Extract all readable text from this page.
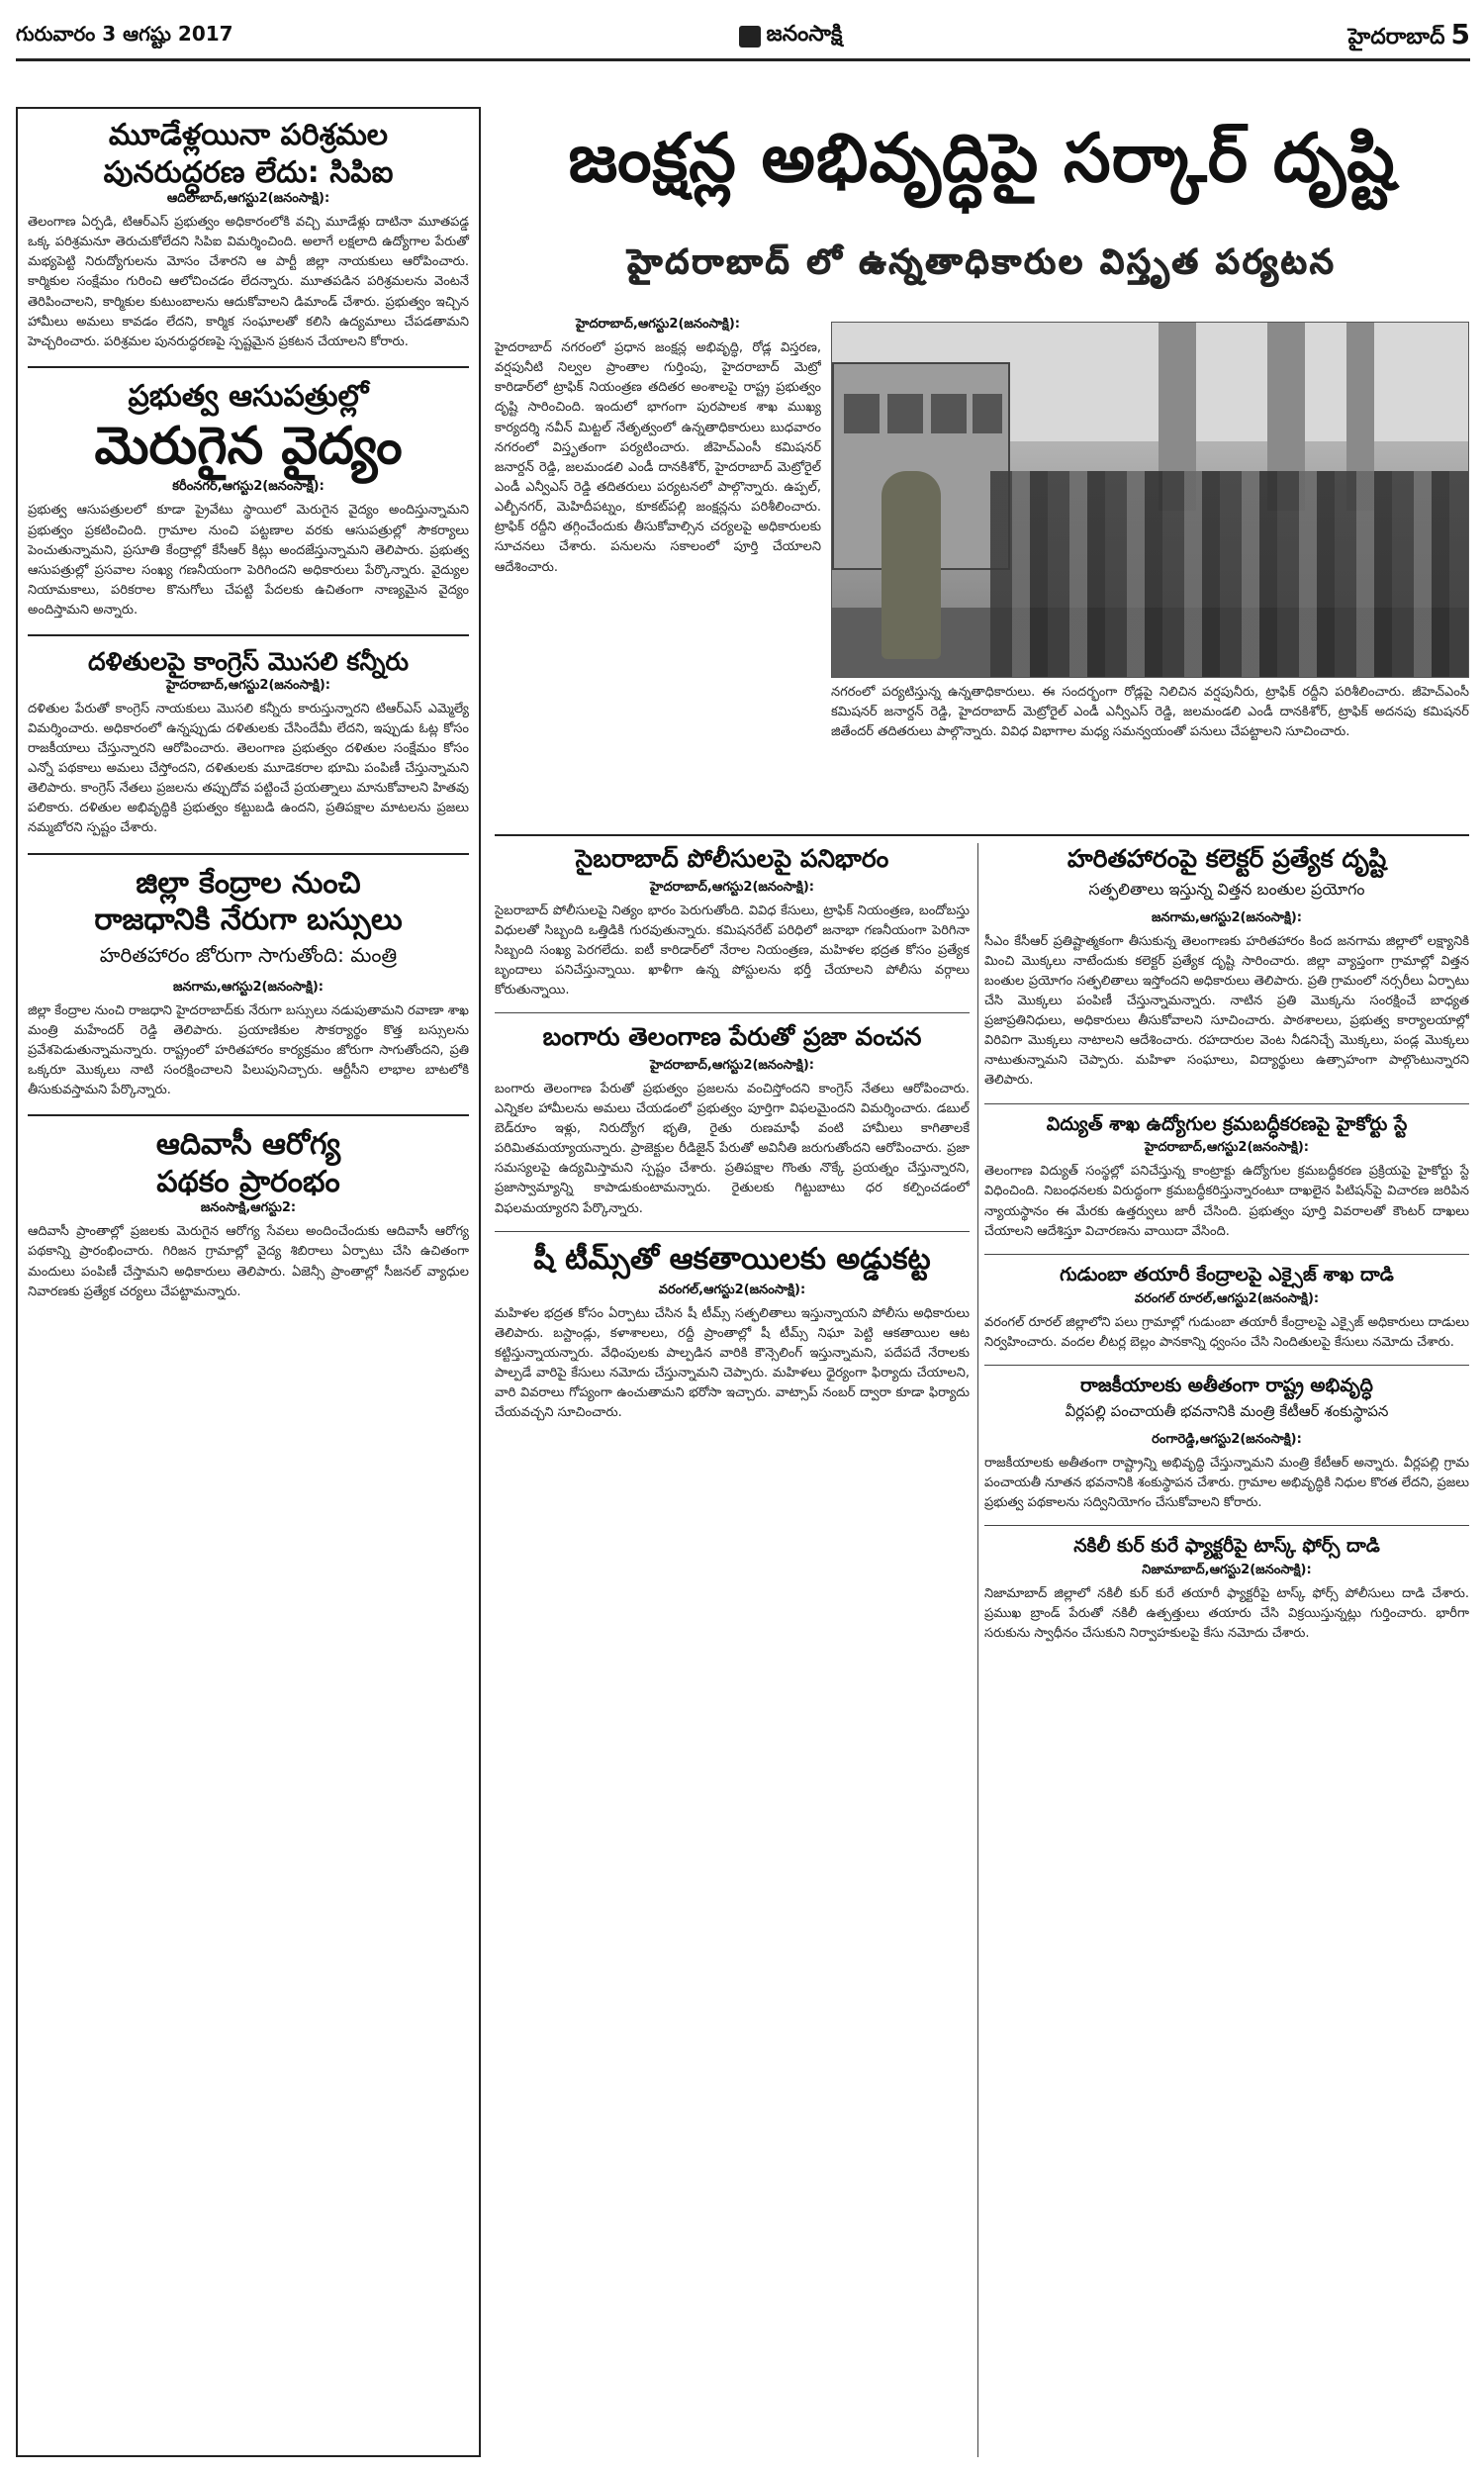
గురువారం 3 ఆగష్టు 2017	జనంసాక్షి	హైదరాబాద్ 5
మూడేళ్లయినా పరిశ్రమల
పునరుద్ధరణ లేదు: సిపిఐ
ఆదిలాబాద్,ఆగస్టు2(జనంసాక్షి):
తెలంగాణ ఏర్పడి, టిఆర్ఎస్ ప్రభుత్వం అధికారంలోకి వచ్చి మూడేళ్లు దాటినా మూతపడ్డ ఒక్క పరిశ్రమనూ తెరుచుకోలేదని సిపిఐ విమర్శించింది. అలాగే లక్షలాది ఉద్యోగాల పేరుతో మభ్యపెట్టి నిరుద్యోగులను మోసం చేశారని ఆ పార్టీ జిల్లా నాయకులు ఆరోపించారు. కార్మికుల సంక్షేమం గురించి ఆలోచించడం లేదన్నారు. మూతపడిన పరిశ్రమలను వెంటనే తెరిపించాలని, కార్మికుల కుటుంబాలను ఆదుకోవాలని డిమాండ్ చేశారు. ప్రభుత్వం ఇచ్చిన హామీలు అమలు కావడం లేదని, కార్మిక సంఘాలతో కలిసి ఉద్యమాలు చేపడతామని హెచ్చరించారు. పరిశ్రమల పునరుద్ధరణపై స్పష్టమైన ప్రకటన చేయాలని కోరారు.
ప్రభుత్వ ఆసుపత్రుల్లో
మెరుగైన వైద్యం
కరీంనగర్,ఆగస్టు2(జనంసాక్షి):
ప్రభుత్వ ఆసుపత్రులలో కూడా ప్రైవేటు స్థాయిలో మెరుగైన వైద్యం అందిస్తున్నామని ప్రభుత్వం ప్రకటించింది. గ్రామాల నుంచి పట్టణాల వరకు ఆసుపత్రుల్లో సౌకర్యాలు పెంచుతున్నామని, ప్రసూతి కేంద్రాల్లో కేసీఆర్ కిట్లు అందజేస్తున్నామని తెలిపారు. ప్రభుత్వ ఆసుపత్రుల్లో ప్రసవాల సంఖ్య గణనీయంగా పెరిగిందని అధికారులు పేర్కొన్నారు. వైద్యుల నియామకాలు, పరికరాల కొనుగోలు చేపట్టి పేదలకు ఉచితంగా నాణ్యమైన వైద్యం అందిస్తామని అన్నారు.
దళితులపై కాంగ్రెస్ మొసలి కన్నీరు
హైదరాబాద్,ఆగస్టు2(జనంసాక్షి):
దళితుల పేరుతో కాంగ్రెస్ నాయకులు మొసలి కన్నీరు కారుస్తున్నారని టిఆర్ఎస్ ఎమ్మెల్యే విమర్శించారు. అధికారంలో ఉన్నప్పుడు దళితులకు చేసిందేమీ లేదని, ఇప్పుడు ఓట్ల కోసం రాజకీయాలు చేస్తున్నారని ఆరోపించారు. తెలంగాణ ప్రభుత్వం దళితుల సంక్షేమం కోసం ఎన్నో పథకాలు అమలు చేస్తోందని, దళితులకు మూడెకరాల భూమి పంపిణీ చేస్తున్నామని తెలిపారు. కాంగ్రెస్ నేతలు ప్రజలను తప్పుదోవ పట్టించే ప్రయత్నాలు మానుకోవాలని హితవు పలికారు. దళితుల అభివృద్ధికి ప్రభుత్వం కట్టుబడి ఉందని, ప్రతిపక్షాల మాటలను ప్రజలు నమ్మబోరని స్పష్టం చేశారు.
జిల్లా కేంద్రాల నుంచి
రాజధానికి నేరుగా బస్సులు
హరితహారం జోరుగా సాగుతోంది: మంత్రి
జనగామ,ఆగస్టు2(జనంసాక్షి):
జిల్లా కేంద్రాల నుంచి రాజధాని హైదరాబాద్‌కు నేరుగా బస్సులు నడుపుతామని రవాణా శాఖ మంత్రి మహేందర్ రెడ్డి తెలిపారు. ప్రయాణికుల సౌకర్యార్థం కొత్త బస్సులను ప్రవేశపెడుతున్నామన్నారు. రాష్ట్రంలో హరితహారం కార్యక్రమం జోరుగా సాగుతోందని, ప్రతి ఒక్కరూ మొక్కలు నాటి సంరక్షించాలని పిలుపునిచ్చారు. ఆర్టీసీని లాభాల బాటలోకి తీసుకువస్తామని పేర్కొన్నారు.
ఆదివాసీ ఆరోగ్య
పథకం ప్రారంభం
జనంసాక్షి,ఆగస్టు2:
ఆదివాసీ ప్రాంతాల్లో ప్రజలకు మెరుగైన ఆరోగ్య సేవలు అందించేందుకు ఆదివాసీ ఆరోగ్య పథకాన్ని ప్రారంభించారు. గిరిజన గ్రామాల్లో వైద్య శిబిరాలు ఏర్పాటు చేసి ఉచితంగా మందులు పంపిణీ చేస్తామని అధికారులు తెలిపారు. ఏజెన్సీ ప్రాంతాల్లో సీజనల్ వ్యాధుల నివారణకు ప్రత్యేక చర్యలు చేపట్టామన్నారు.
జంక్షన్ల అభివృద్ధిపై సర్కార్ దృష్టి
హైదరాబాద్ లో ఉన్నతాధికారుల విస్తృత పర్యటన
హైదరాబాద్,ఆగస్టు2(జనంసాక్షి):
హైదరాబాద్ నగరంలో ప్రధాన జంక్షన్ల అభివృద్ధి, రోడ్ల విస్తరణ, వర్షపునీటి నిల్వల ప్రాంతాల గుర్తింపు, హైదరాబాద్ మెట్రో కారిడార్‌లో ట్రాఫిక్ నియంత్రణ తదితర అంశాలపై రాష్ట్ర ప్రభుత్వం దృష్టి సారించింది. ఇందులో భాగంగా పురపాలక శాఖ ముఖ్య కార్యదర్శి నవీన్ మిట్టల్ నేతృత్వంలో ఉన్నతాధికారులు బుధవారం నగరంలో విస్తృతంగా పర్యటించారు. జీహెచ్ఎంసీ కమిషనర్ జనార్దన్ రెడ్డి, జలమండలి ఎండీ దానకిశోర్, హైదరాబాద్ మెట్రోరైల్ ఎండీ ఎన్వీఎస్ రెడ్డి తదితరులు పర్యటనలో పాల్గొన్నారు. ఉప్పల్, ఎల్బీనగర్, మెహిదీపట్నం, కూకట్‌పల్లి జంక్షన్లను పరిశీలించారు. ట్రాఫిక్ రద్దీని తగ్గించేందుకు తీసుకోవాల్సిన చర్యలపై అధికారులకు సూచనలు చేశారు. పనులను సకాలంలో పూర్తి చేయాలని ఆదేశించారు.
నగరంలో పర్యటిస్తున్న ఉన్నతాధికారులు. ఈ సందర్భంగా రోడ్లపై నిలిచిన వర్షపునీరు, ట్రాఫిక్ రద్దీని పరిశీలించారు. జీహెచ్ఎంసీ కమిషనర్ జనార్దన్ రెడ్డి, హైదరాబాద్ మెట్రోరైల్ ఎండీ ఎన్వీఎస్ రెడ్డి, జలమండలి ఎండీ దానకిశోర్, ట్రాఫిక్ అదనపు కమిషనర్ జితేందర్ తదితరులు పాల్గొన్నారు. వివిధ విభాగాల మధ్య సమన్వయంతో పనులు చేపట్టాలని సూచించారు.
సైబరాబాద్ పోలీసులపై పనిభారం
హైదరాబాద్,ఆగస్టు2(జనంసాక్షి):
సైబరాబాద్ పోలీసులపై నిత్యం భారం పెరుగుతోంది. వివిధ కేసులు, ట్రాఫిక్ నియంత్రణ, బందోబస్తు విధులతో సిబ్బంది ఒత్తిడికి గురవుతున్నారు. కమిషనరేట్ పరిధిలో జనాభా గణనీయంగా పెరిగినా సిబ్బంది సంఖ్య పెరగలేదు. ఐటీ కారిడార్‌లో నేరాల నియంత్రణ, మహిళల భద్రత కోసం ప్రత్యేక బృందాలు పనిచేస్తున్నాయి. ఖాళీగా ఉన్న పోస్టులను భర్తీ చేయాలని పోలీసు వర్గాలు కోరుతున్నాయి.
బంగారు తెలంగాణ పేరుతో ప్రజా వంచన
హైదరాబాద్,ఆగస్టు2(జనంసాక్షి):
బంగారు తెలంగాణ పేరుతో ప్రభుత్వం ప్రజలను వంచిస్తోందని కాంగ్రెస్ నేతలు ఆరోపించారు. ఎన్నికల హామీలను అమలు చేయడంలో ప్రభుత్వం పూర్తిగా విఫలమైందని విమర్శించారు. డబుల్ బెడ్‌రూం ఇళ్లు, నిరుద్యోగ భృతి, రైతు రుణమాఫీ వంటి హామీలు కాగితాలకే పరిమితమయ్యాయన్నారు. ప్రాజెక్టుల రీడిజైన్ పేరుతో అవినీతి జరుగుతోందని ఆరోపించారు. ప్రజా సమస్యలపై ఉద్యమిస్తామని స్పష్టం చేశారు. ప్రతిపక్షాల గొంతు నొక్కే ప్రయత్నం చేస్తున్నారని, ప్రజాస్వామ్యాన్ని కాపాడుకుంటామన్నారు. రైతులకు గిట్టుబాటు ధర కల్పించడంలో విఫలమయ్యారని పేర్కొన్నారు.
షీ టీమ్స్‌తో ఆకతాయిలకు అడ్డుకట్ట
వరంగల్,ఆగస్టు2(జనంసాక్షి):
మహిళల భద్రత కోసం ఏర్పాటు చేసిన షీ టీమ్స్ సత్ఫలితాలు ఇస్తున్నాయని పోలీసు అధికారులు తెలిపారు. బస్టాండ్లు, కళాశాలలు, రద్దీ ప్రాంతాల్లో షీ టీమ్స్ నిఘా పెట్టి ఆకతాయిల ఆట కట్టిస్తున్నాయన్నారు. వేధింపులకు పాల్పడిన వారికి కౌన్సెలింగ్ ఇస్తున్నామని, పదేపదే నేరాలకు పాల్పడే వారిపై కేసులు నమోదు చేస్తున్నామని చెప్పారు. మహిళలు ధైర్యంగా ఫిర్యాదు చేయాలని, వారి వివరాలు గోప్యంగా ఉంచుతామని భరోసా ఇచ్చారు. వాట్సాప్ నంబర్ ద్వారా కూడా ఫిర్యాదు చేయవచ్చని సూచించారు.
హరితహారంపై కలెక్టర్ ప్రత్యేక దృష్టి
సత్ఫలితాలు ఇస్తున్న విత్తన బంతుల ప్రయోగం
జనగామ,ఆగస్టు2(జనంసాక్షి):
సీఎం కేసీఆర్ ప్రతిష్టాత్మకంగా తీసుకున్న తెలంగాణకు హరితహారం కింద జనగామ జిల్లాలో లక్ష్యానికి మించి మొక్కలు నాటేందుకు కలెక్టర్ ప్రత్యేక దృష్టి సారించారు. జిల్లా వ్యాప్తంగా గ్రామాల్లో విత్తన బంతుల ప్రయోగం సత్ఫలితాలు ఇస్తోందని అధికారులు తెలిపారు. ప్రతి గ్రామంలో నర్సరీలు ఏర్పాటు చేసి మొక్కలు పంపిణీ చేస్తున్నామన్నారు. నాటిన ప్రతి మొక్కను సంరక్షించే బాధ్యత ప్రజాప్రతినిధులు, అధికారులు తీసుకోవాలని సూచించారు. పాఠశాలలు, ప్రభుత్వ కార్యాలయాల్లో విరివిగా మొక్కలు నాటాలని ఆదేశించారు. రహదారుల వెంట నీడనిచ్చే మొక్కలు, పండ్ల మొక్కలు నాటుతున్నామని చెప్పారు. మహిళా సంఘాలు, విద్యార్థులు ఉత్సాహంగా పాల్గొంటున్నారని తెలిపారు.
విద్యుత్ శాఖ ఉద్యోగుల క్రమబద్ధీకరణపై హైకోర్టు స్టే
హైదరాబాద్,ఆగస్టు2(జనంసాక్షి):
తెలంగాణ విద్యుత్ సంస్థల్లో పనిచేస్తున్న కాంట్రాక్టు ఉద్యోగుల క్రమబద్ధీకరణ ప్రక్రియపై హైకోర్టు స్టే విధించింది. నిబంధనలకు విరుద్ధంగా క్రమబద్ధీకరిస్తున్నారంటూ దాఖలైన పిటిషన్‌పై విచారణ జరిపిన న్యాయస్థానం ఈ మేరకు ఉత్తర్వులు జారీ చేసింది. ప్రభుత్వం పూర్తి వివరాలతో కౌంటర్ దాఖలు చేయాలని ఆదేశిస్తూ విచారణను వాయిదా వేసింది.
గుడుంబా తయారీ కేంద్రాలపై ఎక్సైజ్ శాఖ దాడి
వరంగల్ రూరల్,ఆగస్టు2(జనంసాక్షి):
వరంగల్ రూరల్ జిల్లాలోని పలు గ్రామాల్లో గుడుంబా తయారీ కేంద్రాలపై ఎక్సైజ్ అధికారులు దాడులు నిర్వహించారు. వందల లీటర్ల బెల్లం పానకాన్ని ధ్వంసం చేసి నిందితులపై కేసులు నమోదు చేశారు.
రాజకీయాలకు అతీతంగా రాష్ట్ర అభివృద్ధి
వీర్లపల్లి పంచాయతీ భవనానికి మంత్రి కేటీఆర్ శంకుస్థాపన
రంగారెడ్డి,ఆగస్టు2(జనంసాక్షి):
రాజకీయాలకు అతీతంగా రాష్ట్రాన్ని అభివృద్ధి చేస్తున్నామని మంత్రి కేటీఆర్ అన్నారు. వీర్లపల్లి గ్రామ పంచాయతీ నూతన భవనానికి శంకుస్థాపన చేశారు. గ్రామాల అభివృద్ధికి నిధుల కొరత లేదని, ప్రజలు ప్రభుత్వ పథకాలను సద్వినియోగం చేసుకోవాలని కోరారు.
నకిలీ కుర్ కురే ఫ్యాక్టరీపై టాస్క్ ఫోర్స్ దాడి
నిజామాబాద్,ఆగస్టు2(జనంసాక్షి):
నిజామాబాద్ జిల్లాలో నకిలీ కుర్ కురే తయారీ ఫ్యాక్టరీపై టాస్క్ ఫోర్స్ పోలీసులు దాడి చేశారు. ప్రముఖ బ్రాండ్ పేరుతో నకిలీ ఉత్పత్తులు తయారు చేసి విక్రయిస్తున్నట్లు గుర్తించారు. భారీగా సరుకును స్వాధీనం చేసుకుని నిర్వాహకులపై కేసు నమోదు చేశారు.
